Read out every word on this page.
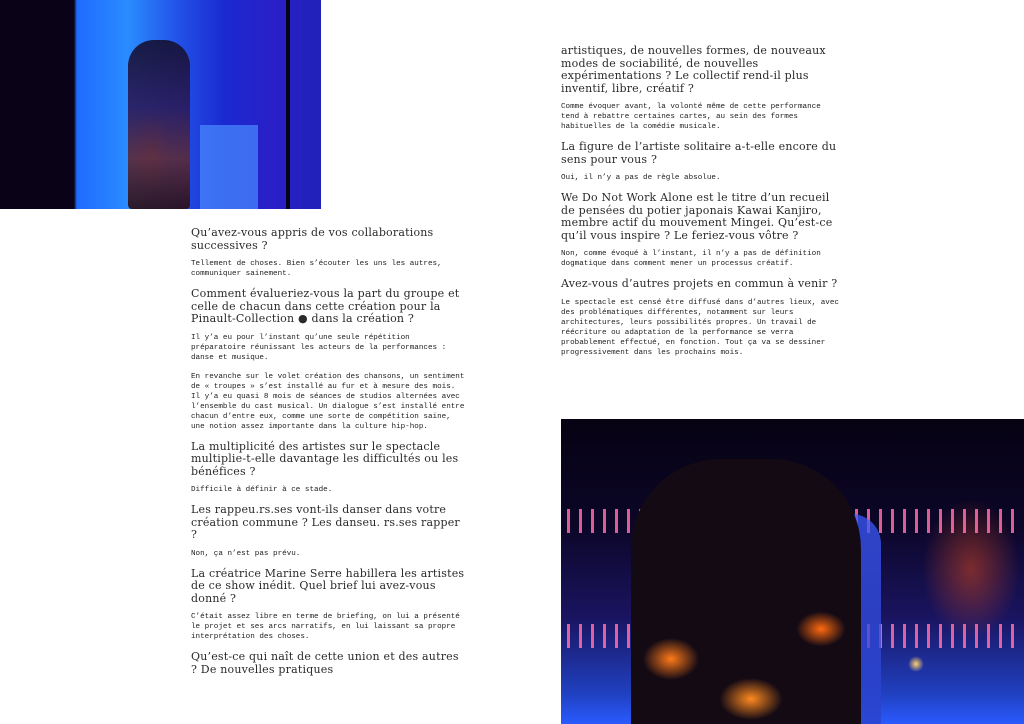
Qu’avez-vous appris de vos collaborations successives ?

Tellement de choses. Bien s’écouter les uns les autres, communiquer sainement.

Comment évalueriez-vous la part du groupe et celle de chacun dans cette création pour la Pinault-Collection ● dans la création ?

Il y’a eu pour l’instant qu’une seule répétition préparatoire réunissant les acteurs de la performances : danse et musique.

En revanche sur le volet création des chansons, un sentiment de « troupes » s’est installé au fur et à mesure des mois. Il y’a eu quasi 8 mois de séances de studios alternées avec l’ensemble du cast musical. Un dialogue s’est installé entre chacun d’entre eux, comme une sorte de compétition saine, une notion assez importante dans la culture hip-hop.

La multiplicité des artistes sur le spectacle multiplie-t-elle davantage les difficultés ou les bénéfices ?

Difficile à définir à ce stade.

Les rappeu.rs.ses vont-ils danser dans votre création commune ? Les danseu. rs.ses rapper ?

Non, ça n’est pas prévu.

La créatrice Marine Serre habillera les artistes de ce show inédit. Quel brief lui avez-vous donné ?

C’était assez libre en terme de briefing, on lui a présenté le projet et ses arcs narratifs, en lui laissant sa propre interprétation des choses.

Qu’est-ce qui naît de cette union et des autres ? De nouvelles pratiques

artistiques, de nouvelles formes, de nouveaux modes de sociabilité, de nouvelles expérimentations ? Le collectif rend-il plus inventif, libre, créatif ?

Comme évoquer avant, la volonté même de cette performance tend à rebattre certaines cartes, au sein des formes habituelles de la comédie musicale.

La figure de l’artiste solitaire a-t-elle encore du sens pour vous ?

Oui, il n’y a pas de règle absolue.

We Do Not Work Alone est le titre d’un recueil de pensées du potier japonais Kawai Kanjiro, membre actif du mouvement Mingei. Qu’est-ce qu’il vous inspire ? Le feriez-vous vôtre ?

Non, comme évoqué à l’instant, il n’y a pas de définition dogmatique dans comment mener un processus créatif.

Avez-vous d’autres projets en commun à venir ?

Le spectacle est censé être diffusé dans d’autres lieux, avec des problématiques différentes, notamment sur leurs architectures, leurs possibilités propres. Un travail de réécriture ou adaptation de la performance se verra probablement effectué, en fonction. Tout ça va se dessiner progressivement dans les prochains mois.
